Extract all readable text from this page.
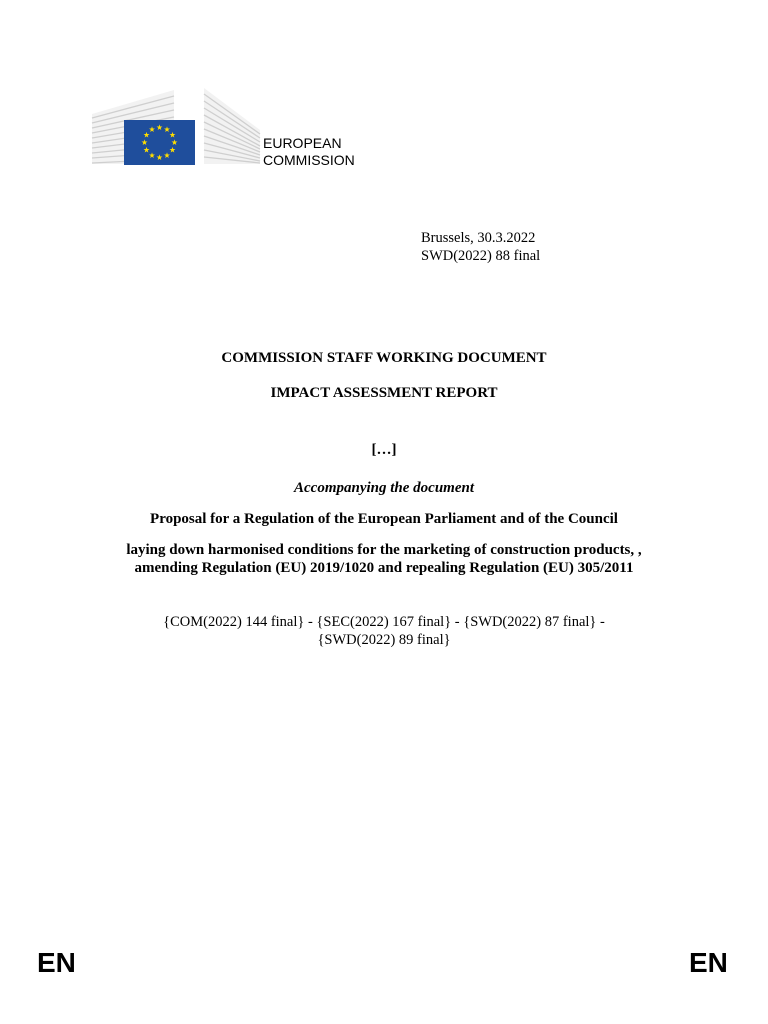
EUROPEAN
COMMISSION
Brussels, 30.3.2022
SWD(2022) 88 final
COMMISSION STAFF WORKING DOCUMENT
IMPACT ASSESSMENT REPORT
[…]
Accompanying the document
Proposal for a Regulation of the European Parliament and of the Council
laying down harmonised conditions for the marketing of construction products, ,
amending Regulation (EU) 2019/1020 and repealing Regulation (EU) 305/2011
{COM(2022) 144 final} - {SEC(2022) 167 final} - {SWD(2022) 87 final} -
{SWD(2022) 89 final}
EN	EN
